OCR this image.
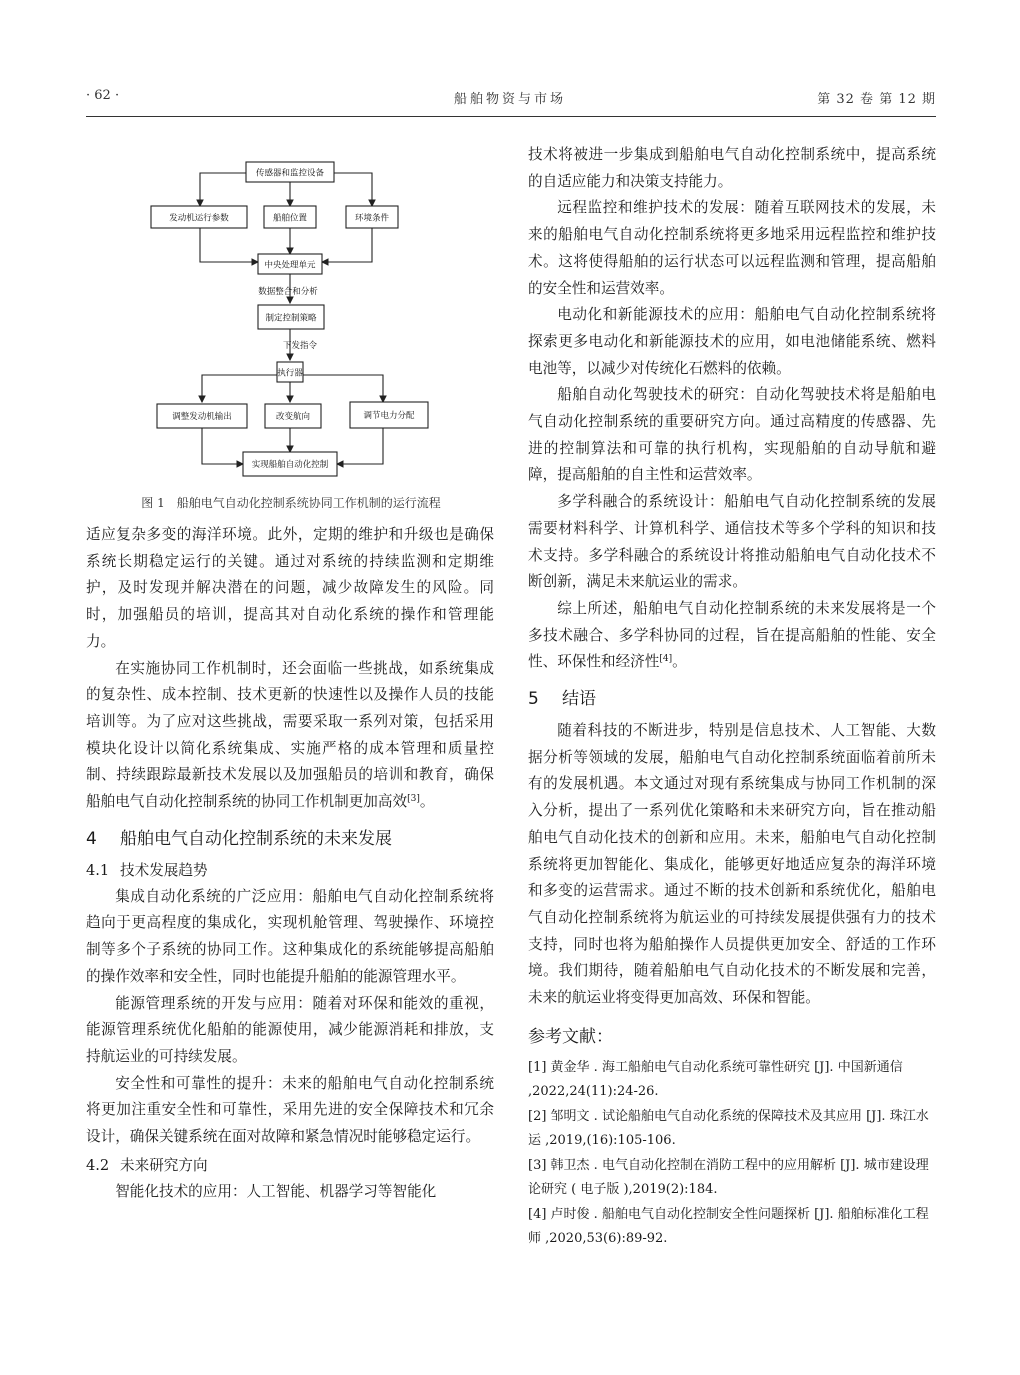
· 62 ·	船舶物资与市场	第 32 卷 第 12 期
传感器和监控设备
发动机运行参数	船舶位置	环境条件
中央处理单元
数据整合和分析
制定控制策略
下发指令
执行器
调整发动机输出	改变航向	调节电力分配
实现船舶自动化控制
图 1　船舶电气自动化控制系统协同工作机制的运行流程

适应复杂多变的海洋环境。此外，定期的维护和升级也是确保系统长期稳定运行的关键。通过对系统的持续监测和定期维护，及时发现并解决潜在的问题，减少故障发生的风险。同时，加强船员的培训，提高其对自动化系统的操作和管理能力。

在实施协同工作机制时，还会面临一些挑战，如系统集成的复杂性、成本控制、技术更新的快速性以及操作人员的技能培训等。为了应对这些挑战，需要采取一系列对策，包括采用模块化设计以简化系统集成、实施严格的成本管理和质量控制、持续跟踪最新技术发展以及加强船员的培训和教育，确保船舶电气自动化控制系统的协同工作机制更加高效[3]。

4 船舶电气自动化控制系统的未来发展
4.1 技术发展趋势

集成自动化系统的广泛应用：船舶电气自动化控制系统将趋向于更高程度的集成化，实现机舱管理、驾驶操作、环境控制等多个子系统的协同工作。这种集成化的系统能够提高船舶的操作效率和安全性，同时也能提升船舶的能源管理水平。

能源管理系统的开发与应用：随着对环保和能效的重视，能源管理系统优化船舶的能源使用，减少能源消耗和排放，支持航运业的可持续发展。

安全性和可靠性的提升：未来的船舶电气自动化控制系统将更加注重安全性和可靠性，采用先进的安全保障技术和冗余设计，确保关键系统在面对故障和紧急情况时能够稳定运行。

4.2 未来研究方向

智能化技术的应用：人工智能、机器学习等智能化

技术将被进一步集成到船舶电气自动化控制系统中，提高系统的自适应能力和决策支持能力。

远程监控和维护技术的发展：随着互联网技术的发展，未来的船舶电气自动化控制系统将更多地采用远程监控和维护技术。这将使得船舶的运行状态可以远程监测和管理，提高船舶的安全性和运营效率。

电动化和新能源技术的应用：船舶电气自动化控制系统将探索更多电动化和新能源技术的应用，如电池储能系统、燃料电池等，以减少对传统化石燃料的依赖。

船舶自动化驾驶技术的研究：自动化驾驶技术将是船舶电气自动化控制系统的重要研究方向。通过高精度的传感器、先进的控制算法和可靠的执行机构，实现船舶的自动导航和避障，提高船舶的自主性和运营效率。

多学科融合的系统设计：船舶电气自动化控制系统的发展需要材料科学、计算机科学、通信技术等多个学科的知识和技术支持。多学科融合的系统设计将推动船舶电气自动化技术不断创新，满足未来航运业的需求。

综上所述，船舶电气自动化控制系统的未来发展将是一个多技术融合、多学科协同的过程，旨在提高船舶的性能、安全性、环保性和经济性[4]。

5 结语

随着科技的不断进步，特别是信息技术、人工智能、大数据分析等领域的发展，船舶电气自动化控制系统面临着前所未有的发展机遇。本文通过对现有系统集成与协同工作机制的深入分析，提出了一系列优化策略和未来研究方向，旨在推动船舶电气自动化技术的创新和应用。未来，船舶电气自动化控制系统将更加智能化、集成化，能够更好地适应复杂的海洋环境和多变的运营需求。通过不断的技术创新和系统优化，船舶电气自动化控制系统将为航运业的可持续发展提供强有力的技术支持，同时也将为船舶操作人员提供更加安全、舒适的工作环境。我们期待，随着船舶电气自动化技术的不断发展和完善，未来的航运业将变得更加高效、环保和智能。

参考文献：

[1] 黄金华 . 海工船舶电气自动化系统可靠性研究 [J]. 中国新通信 ,2022,24(11):24-26.

[2] 邹明文 . 试论船舶电气自动化系统的保障技术及其应用 [J]. 珠江水运 ,2019,(16):105-106.

[3] 韩卫杰 . 电气自动化控制在消防工程中的应用解析 [J]. 城市建设理论研究 ( 电子版 ),2019(2):184.

[4] 卢时俊 . 船舶电气自动化控制安全性问题探析 [J]. 船舶标准化工程师 ,2020,53(6):89-92.
